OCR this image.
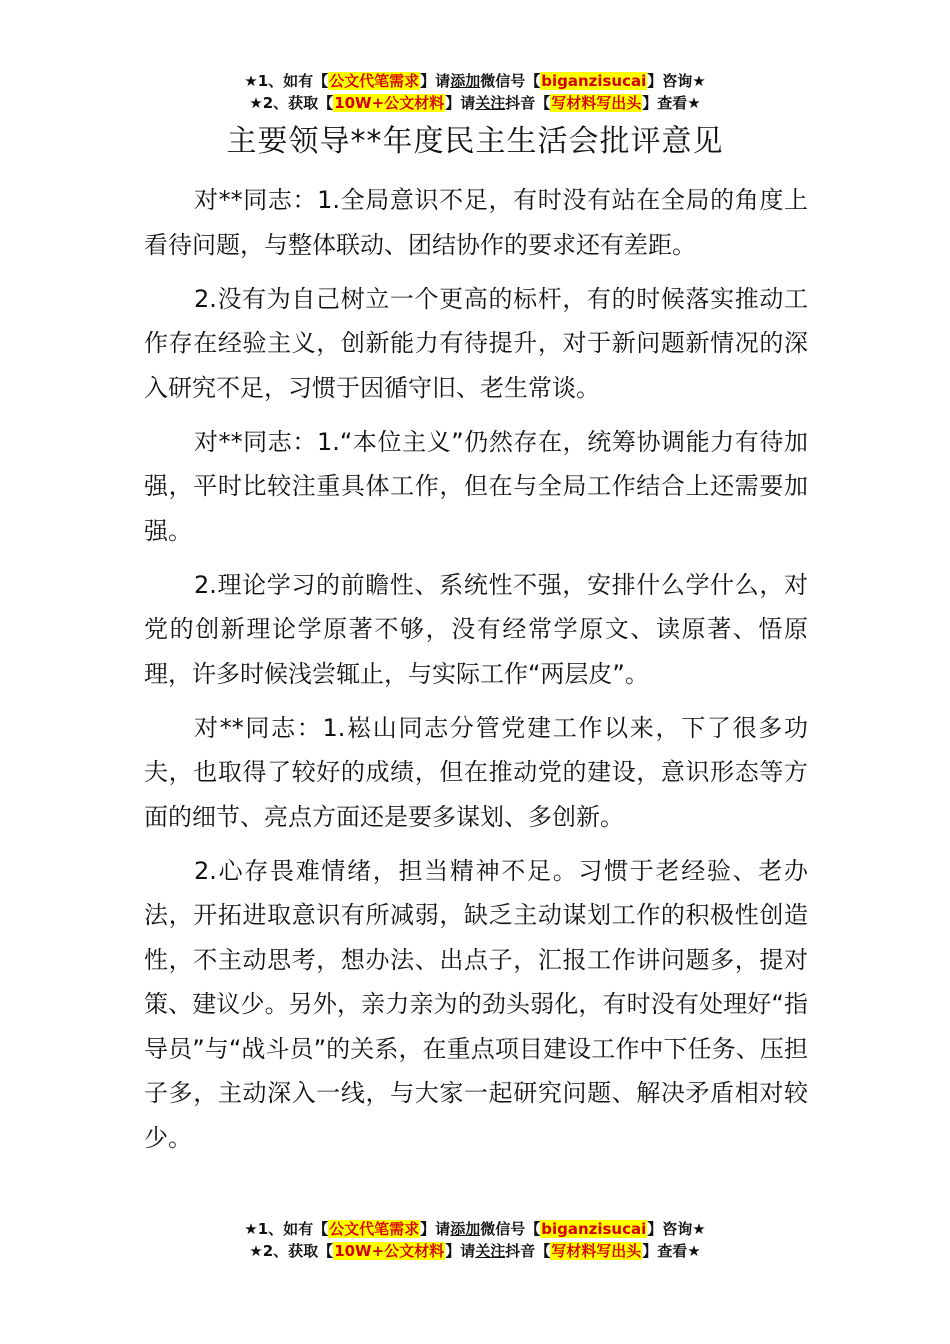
★1、如有【公文代笔需求】请添加微信号【biganzisucai】咨询★
★2、获取【10W+公文材料】请关注抖音【写材料写出头】查看★
主要领导**年度民主生活会批评意见

对**同志：1.全局意识不足，有时没有站在全局的角度上看待问题，与整体联动、团结协作的要求还有差距。

2.没有为自己树立一个更高的标杆，有的时候落实推动工作存在经验主义，创新能力有待提升，对于新问题新情况的深入研究不足，习惯于因循守旧、老生常谈。

对**同志：1.“本位主义”仍然存在，统筹协调能力有待加强，平时比较注重具体工作，但在与全局工作结合上还需要加强。

2.理论学习的前瞻性、系统性不强，安排什么学什么，对党的创新理论学原著不够，没有经常学原文、读原著、悟原理，许多时候浅尝辄止，与实际工作“两层皮”。

对**同志：1.崧山同志分管党建工作以来，下了很多功夫，也取得了较好的成绩，但在推动党的建设，意识形态等方面的细节、亮点方面还是要多谋划、多创新。

2.心存畏难情绪，担当精神不足。习惯于老经验、老办法，开拓进取意识有所减弱，缺乏主动谋划工作的积极性创造性，不主动思考，想办法、出点子，汇报工作讲问题多，提对策、建议少。另外，亲力亲为的劲头弱化，有时没有处理好“指导员”与“战斗员”的关系，在重点项目建设工作中下任务、压担子多，主动深入一线，与大家一起研究问题、解决矛盾相对较少。

★1、如有【公文代笔需求】请添加微信号【biganzisucai】咨询★
★2、获取【10W+公文材料】请关注抖音【写材料写出头】查看★
